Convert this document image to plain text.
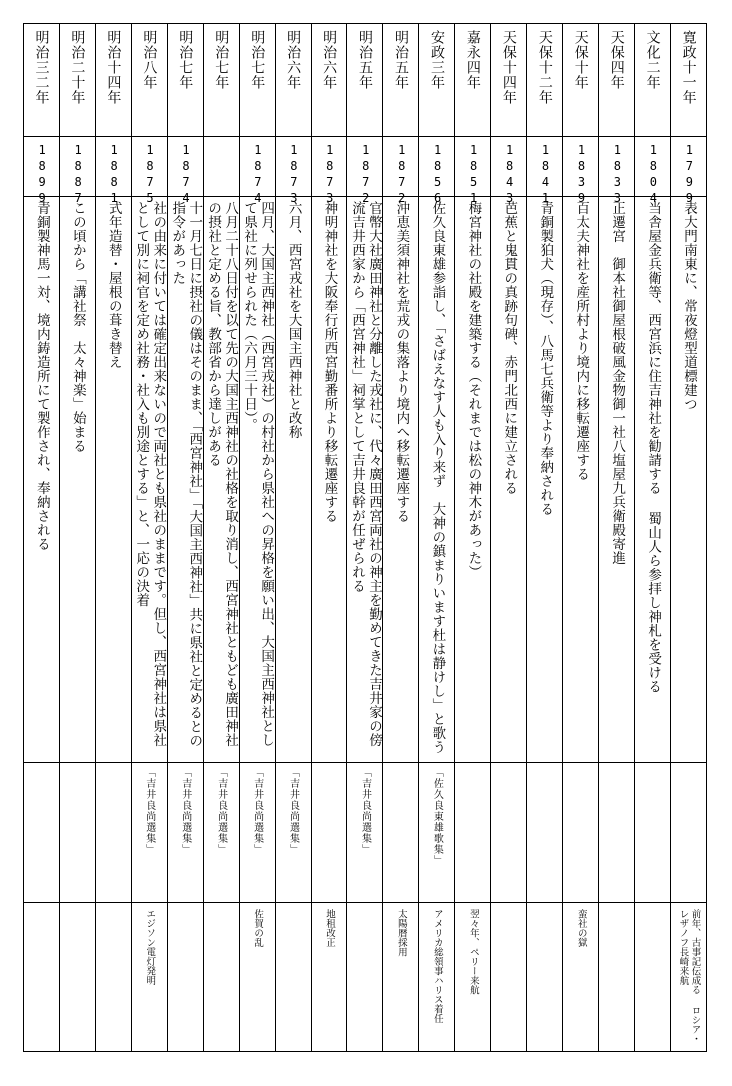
寛政十一年
1799
表大門南東に、常夜燈型道標建つ
前年、古事記伝成る ロシア・レザノフ長崎来航
文化二年
1804
当舎屋金兵衛等、西宮浜に住吉神社を勧請する 蜀山人ら参拝し神札を受ける
天保四年
1833
正遷宮　御本社御屋根破風金物御一社八塩屋九兵衛殿寄進
天保十年
1839
百太夫神社を産所村より境内に移転遷座する
蛮社の獄
天保十二年
1841
青銅製狛犬（現存）、八馬七兵衛等より奉納される
天保十四年
1843
芭蕉と鬼貫の真跡句碑、赤門北西に建立される
嘉永四年
1851
梅宮神社の社殿を建築する（それまでは松の神木があった）
翌々年、ペリー来航
安政三年
1856
佐久良東雄参詣し、「さばえなす人も入り来ず　大神の鎮まりいます杜は静けし」と歌う
「佐久良東雄歌集」
アメリカ総領事ハリス着任
明治五年
1872
沖恵美須神社を荒戎の集落より境内へ移転遷座する
太陽暦採用
明治五年
1872
官幣大社廣田神社と分離した戎社に、代々廣田西宮両社の神主を勤めてきた吉井家の傍流吉井西家から「西宮神社」祠掌として吉井良幹が任ぜられる
「吉井良尚選集」
明治六年
1873
神明神社を大阪奉行所西宮勤番所より移転遷座する
地租改正
明治六年
1873
六月、西宮戎社を大国主西神社と改称
「吉井良尚選集」
明治七年
1874
四月、大国主西神社（西宮戎社）の村社から県社への昇格を願い出、大国主西神社として県社に列せられた（六月三十日）。
「吉井良尚選集」
佐賀の乱
明治七年
八月二十八日付を以て先の大国主西神社の社格を取り消し、西宮神社ともども廣田神社の摂社と定める旨、教部省から達しがある
「吉井良尚選集」
明治七年
1874
十一月七日に摂社の儀はそのまま、「西宮神社」「大国主西神社」共に県社と定めるとの指令があった
「吉井良尚選集」
明治八年
1875
社の由来に付いては確定出来ないので両社とも県社のままです。但し、西宮神社は県社として別に祠官を定め社務・社入も別途とする」と、一応の決着
「吉井良尚選集」
エジソン電灯発明
明治十四年
1881
式年造替・屋根の葺き替え
明治二十年
1887
この頃から「講社祭　太々神楽」始まる
明治三二年
1899
青銅製神馬一対、境内鋳造所にて製作され、奉納される
